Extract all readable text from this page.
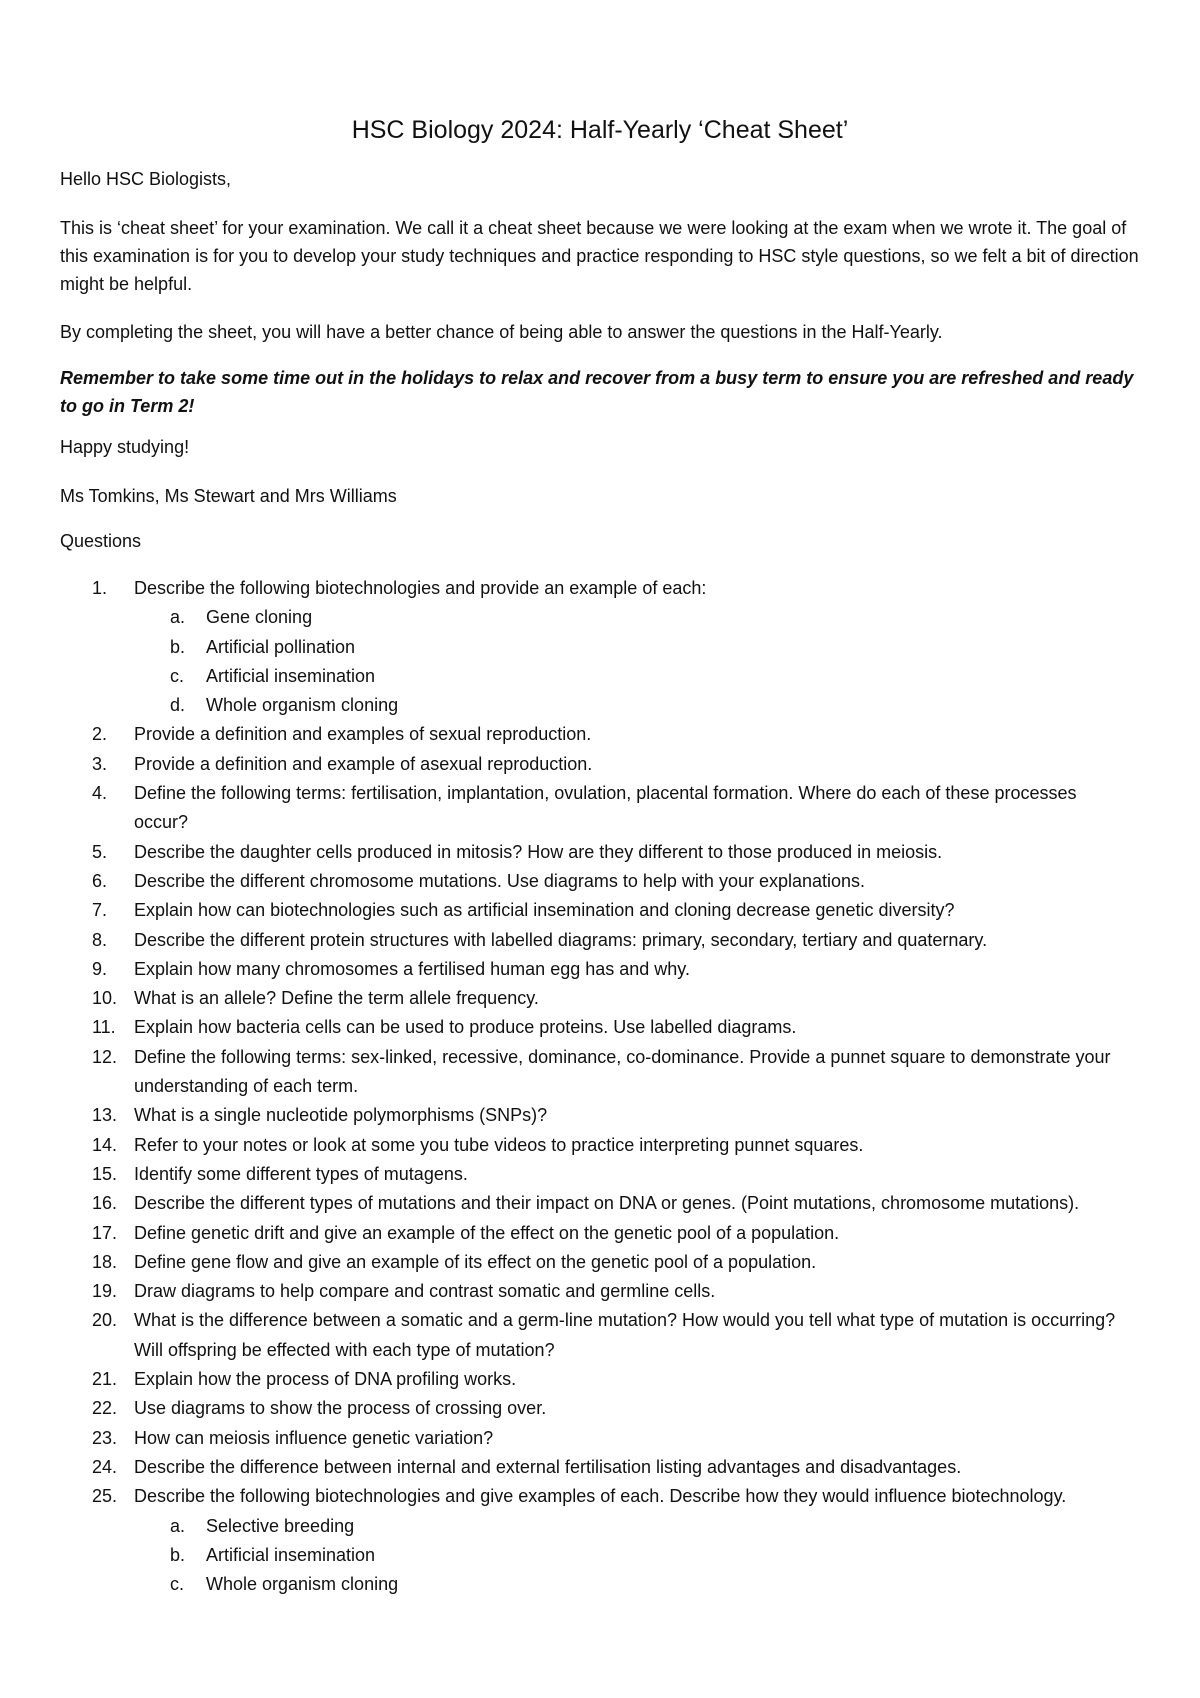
HSC Biology 2024: Half-Yearly ‘Cheat Sheet’

Hello HSC Biologists,

This is ‘cheat sheet’ for your examination. We call it a cheat sheet because we were looking at the exam when we wrote it. The goal of this examination is for you to develop your study techniques and practice responding to HSC style questions, so we felt a bit of direction might be helpful.

By completing the sheet, you will have a better chance of being able to answer the questions in the Half-Yearly.

Remember to take some time out in the holidays to relax and recover from a busy term to ensure you are refreshed and ready to go in Term 2!

Happy studying!

Ms Tomkins, Ms Stewart and Mrs Williams

Questions

1.	Describe the following biotechnologies and provide an example of each:
a.	Gene cloning
b.	Artificial pollination
c.	Artificial insemination
d.	Whole organism cloning
2.	Provide a definition and examples of sexual reproduction.
3.	Provide a definition and example of asexual reproduction.
4.	Define the following terms: fertilisation, implantation, ovulation, placental formation. Where do each of these processes occur?
5.	Describe the daughter cells produced in mitosis? How are they different to those produced in meiosis.
6.	Describe the different chromosome mutations. Use diagrams to help with your explanations.
7.	Explain how can biotechnologies such as artificial insemination and cloning decrease genetic diversity?
8.	Describe the different protein structures with labelled diagrams: primary, secondary, tertiary and quaternary.
9.	Explain how many chromosomes a fertilised human egg has and why.
10. What is an allele? Define the term allele frequency.
11.	Explain how bacteria cells can be used to produce proteins. Use labelled diagrams.
12. Define the following terms: sex-linked, recessive, dominance, co-dominance. Provide a punnet square to demonstrate your understanding of each term.
13. What is a single nucleotide polymorphisms (SNPs)?
14. Refer to your notes or look at some you tube videos to practice interpreting punnet squares.
15. Identify some different types of mutagens.
16. Describe the different types of mutations and their impact on DNA or genes. (Point mutations, chromosome mutations).
17. Define genetic drift and give an example of the effect on the genetic pool of a population.
18. Define gene flow and give an example of its effect on the genetic pool of a population.
19. Draw diagrams to help compare and contrast somatic and germline cells.
20. What is the difference between a somatic and a germ-line mutation? How would you tell what type of mutation is occurring? Will offspring be effected with each type of mutation?
21. Explain how the process of DNA profiling works.
22. Use diagrams to show the process of crossing over.
23. How can meiosis influence genetic variation?
24. Describe the difference between internal and external fertilisation listing advantages and disadvantages.
25. Describe the following biotechnologies and give examples of each. Describe how they would influence biotechnology.
a.	Selective breeding
b.	Artificial insemination
c.	Whole organism cloning
